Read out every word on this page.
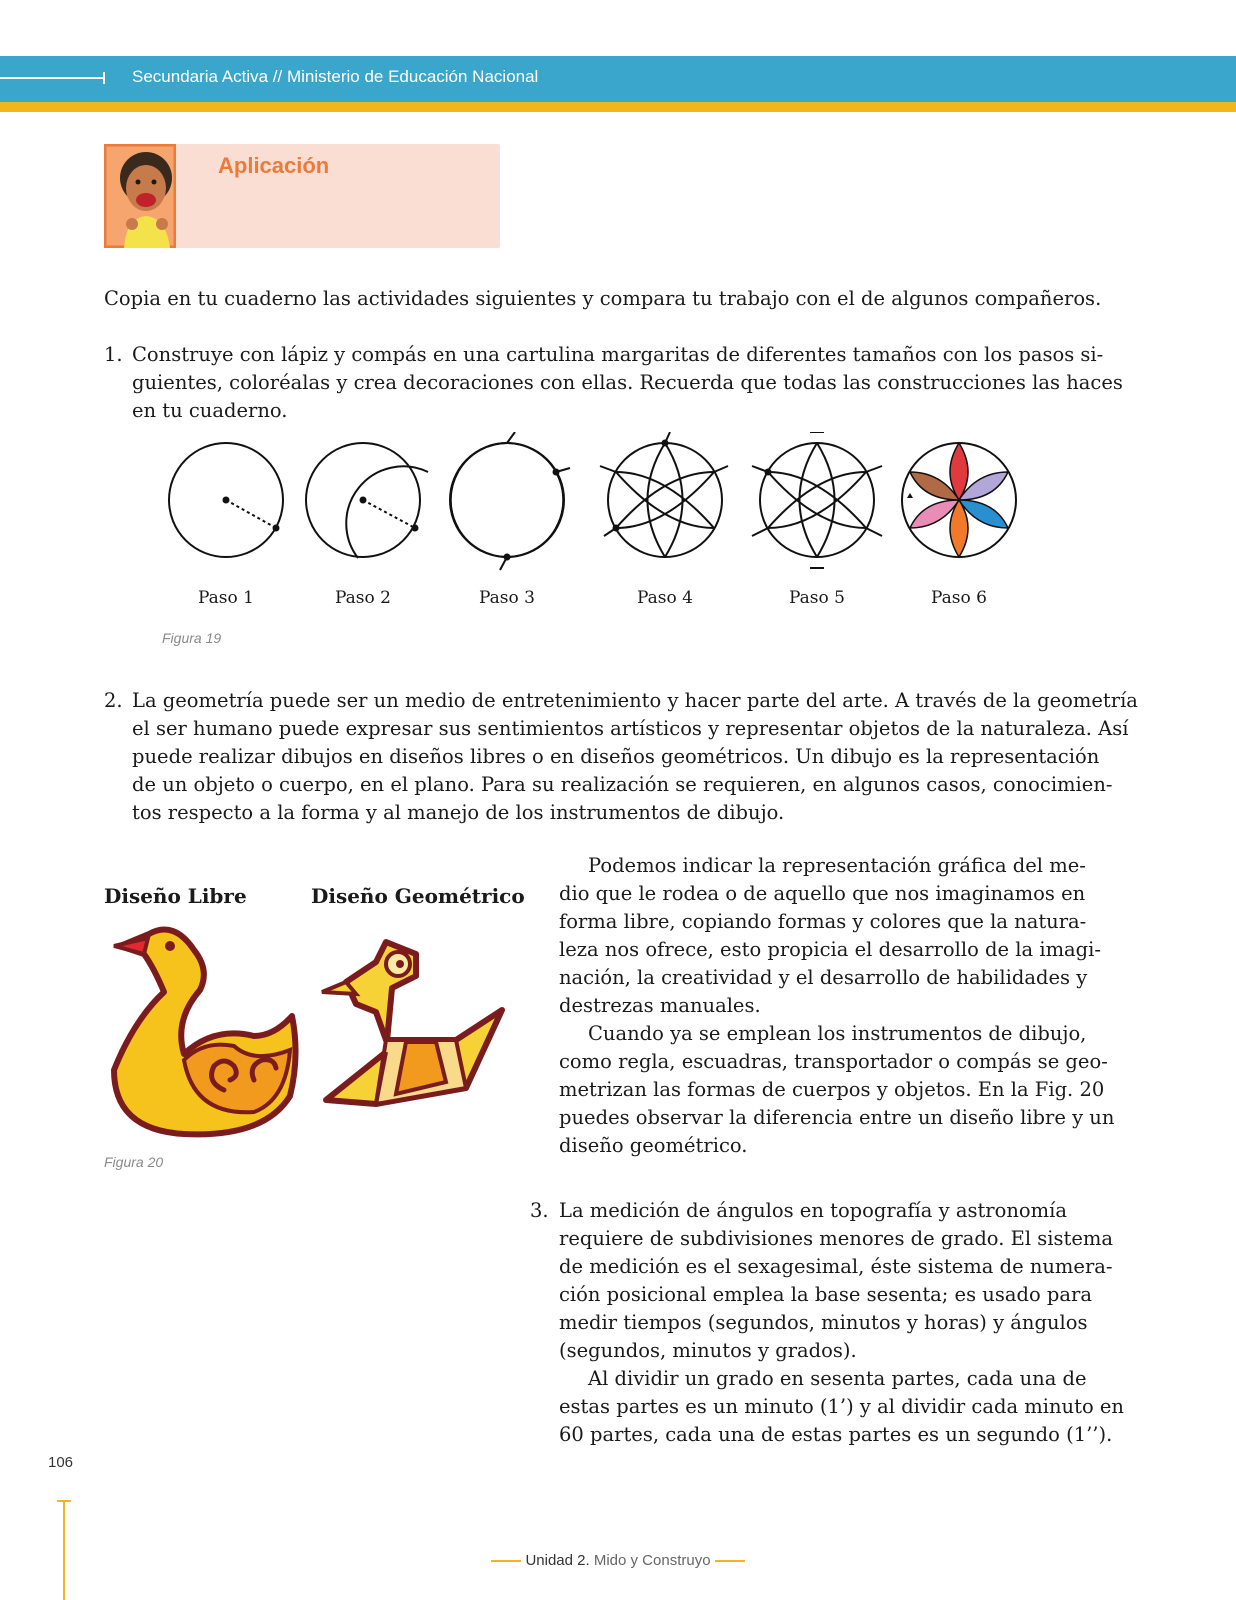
Secundaria Activa // Ministerio de Educación Nacional
Aplicación
Copia en tu cuaderno las actividades siguientes y compara tu trabajo con el de algunos compañeros.
1. Construye con lápiz y compás en una cartulina margaritas de diferentes tamaños con los pasos si-
guientes, coloréalas y crea decoraciones con ellas. Recuerda que todas las construcciones las haces
en tu cuaderno.
Paso 1	Paso 2	Paso 3	Paso 4	Paso 5	Paso 6
Figura 19
2. La geometría puede ser un medio de entretenimiento y hacer parte del arte. A través de la geometría
el ser humano puede expresar sus sentimientos artísticos y representar objetos de la naturaleza. Así
puede realizar dibujos en diseños libres o en diseños geométricos. Un dibujo es la representación
de un objeto o cuerpo, en el plano. Para su realización se requieren, en algunos casos, conocimien-
tos respecto a la forma y al manejo de los instrumentos de dibujo.
Diseño Libre	Diseño Geométrico
Figura 20
Podemos indicar la representación gráfica del me-
dio que le rodea o de aquello que nos imaginamos en
forma libre, copiando formas y colores que la natura-
leza nos ofrece, esto propicia el desarrollo de la imagi-
nación, la creatividad y el desarrollo de habilidades y
destrezas manuales.
Cuando ya se emplean los instrumentos de dibujo,
como regla, escuadras, transportador o compás se geo-
metrizan las formas de cuerpos y objetos. En la Fig. 20
puedes observar la diferencia entre un diseño libre y un
diseño geométrico.
3. La medición de ángulos en topografía y astronomía
requiere de subdivisiones menores de grado. El sistema
de medición es el sexagesimal, éste sistema de numera-
ción posicional emplea la base sesenta; es usado para
medir tiempos (segundos, minutos y horas) y ángulos
(segundos, minutos y grados).
Al dividir un grado en sesenta partes, cada una de
estas partes es un minuto (1’) y al dividir cada minuto en
60 partes, cada una de estas partes es un segundo (1’’).
106
Unidad 2. Mido y Construyo
